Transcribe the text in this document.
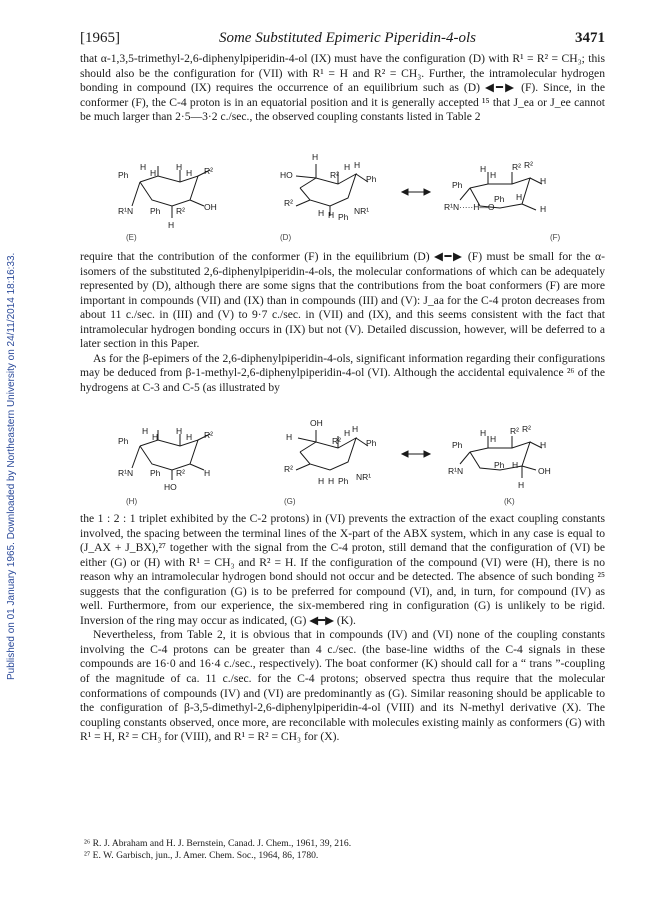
Published on 01 January 1965. Downloaded by Northeastern University on 24/11/2014 18:16:33.
[1965]	Some Substituted Epimeric Piperidin-4-ols	3471

that α-1,3,5-trimethyl-2,6-diphenylpiperidin-4-ol (IX) must have the configuration (D) with R¹ = R² = CH₃; this should also be the configuration for (VII) with R¹ = H and R² = CH₃. Further, the intramolecular hydrogen bonding in compound (IX) requires the occurrence of an equilibrium such as (D) ◀━▶ (F). Since, in the conformer (F), the C-4 proton is in an equatorial position and it is generally accepted ¹⁵ that J_ea or J_ee cannot be much larger than 2·5—3·2 c./sec., the observed coupling constants listed in Table 2

Ph
H
H
H
H R²
R¹N Ph R² OH
H
(E)
H
HO	R²
H H
Ph
R²
H H Ph
NR¹
(D)
Ph
H
H
R² R²
H
R¹N·····H—O
Ph H
H
(F)

require that the contribution of the conformer (F) in the equilibrium (D) ◀━▶ (F) must be small for the α-isomers of the substituted 2,6-diphenylpiperidin-4-ols, the molecular conformations of which can be adequately represented by (D), although there are some signs that the contributions from the boat conformers (F) are more important in compounds (VII) and (IX) than in compounds (III) and (V): J_aa for the C-4 proton decreases from about 11 c./sec. in (III) and (V) to 9·7 c./sec. in (VII) and (IX), and this seems consistent with the fact that intramolecular hydrogen bonding occurs in (IX) but not (V). Detailed discussion, however, will be deferred to a later section in this Paper.

As for the β-epimers of the 2,6-diphenylpiperidin-4-ols, significant information regarding their configurations may be deduced from β-1-methyl-2,6-diphenylpiperidin-4-ol (VI). Although the accidental equivalence ²⁶ of the hydrogens at C-3 and C-5 (as illustrated by

Ph
H
H
H
H R²
R¹N Ph R² H
HO
(H)
OH
H	R²
H H
Ph
R²
H H Ph NR¹
(G)
Ph
H
H
R² R²
H
R¹N
Ph H
OH
H
(K)

the 1 : 2 : 1 triplet exhibited by the C-2 protons) in (VI) prevents the extraction of the exact coupling constants involved, the spacing between the terminal lines of the X-part of the ABX system, which in any case is equal to (J_AX + J_BX),²⁷ together with the signal from the C-4 proton, still demand that the configuration of (VI) be either (G) or (H) with R¹ = CH₃ and R² = H. If the configuration of the compound (VI) were (H), there is no reason why an intramolecular hydrogen bond should not occur and be detected. The absence of such bonding ²⁵ suggests that the configuration (G) is to be preferred for compound (VI), and, in turn, for compound (IV) as well. Furthermore, from our experience, the six-membered ring in configuration (G) is unlikely to be rigid. Inversion of the ring may occur as indicated, (G) ◀━▶ (K).

Nevertheless, from Table 2, it is obvious that in compounds (IV) and (VI) none of the coupling constants involving the C-4 protons can be greater than 4 c./sec. (the base-line widths of the C-4 signals in these compounds are 16·0 and 16·4 c./sec., respectively). The boat conformer (K) should call for a “ trans ”-coupling of the magnitude of ca. 11 c./sec. for the C-4 protons; observed spectra thus require that the molecular conformations of compounds (IV) and (VI) are predominantly as (G). Similar reasoning should be applicable to the configuration of β-3,5-dimethyl-2,6-diphenylpiperidin-4-ol (VIII) and its N-methyl derivative (X). The coupling constants observed, once more, are reconcilable with molecules existing mainly as conformers (G) with R¹ = H, R² = CH₃ for (VIII), and R¹ = R² = CH₃ for (X).

²⁶ R. J. Abraham and H. J. Bernstein, Canad. J. Chem., 1961, 39, 216.
²⁷ E. W. Garbisch, jun., J. Amer. Chem. Soc., 1964, 86, 1780.
